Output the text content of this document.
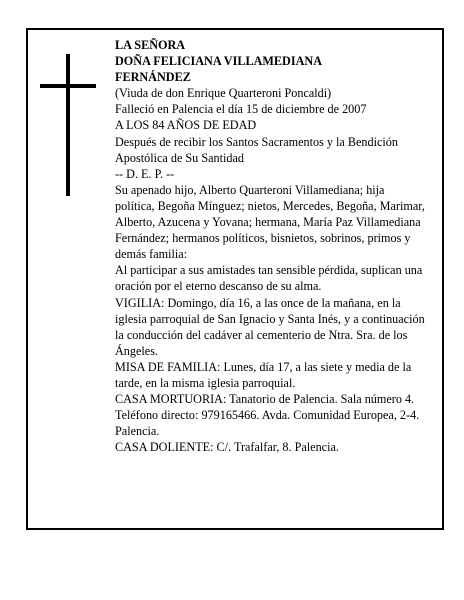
LA SEÑORA
DOÑA FELICIANA VILLAMEDIANA
FERNÁNDEZ
(Viuda de don Enrique Quarteroni Poncaldi)
Falleció en Palencia el día 15 de diciembre de 2007
A LOS 84 AÑOS DE EDAD
Después de recibir los Santos Sacramentos y la Bendición Apostólica de Su Santidad
-- D. E. P. --
Su apenado hijo, Alberto Quarteroni Villamediana; hija política, Begoña Mínguez; nietos, Mercedes, Begoña, Marimar, Alberto, Azucena y Yovana; hermana, María Paz Villamediana Fernández; hermanos políticos, bisnietos, sobrinos, primos y demás familia:
Al participar a sus amistades tan sensible pérdida, suplican una oración por el eterno descanso de su alma.
VIGILIA: Domingo, día 16, a las once de la mañana, en la iglesia parroquial de San Ignacio y Santa Inés, y a continuación la conducción del cadáver al cementerio de Ntra. Sra. de los Ángeles.
MISA DE FAMILIA: Lunes, día 17, a las siete y media de la tarde, en la misma iglesia parroquial.
CASA MORTUORIA: Tanatorio de Palencia. Sala número 4. Teléfono directo: 979165466. Avda. Comunidad Europea, 2-4. Palencia.
CASA DOLIENTE: C/. Trafalfar, 8. Palencia.
